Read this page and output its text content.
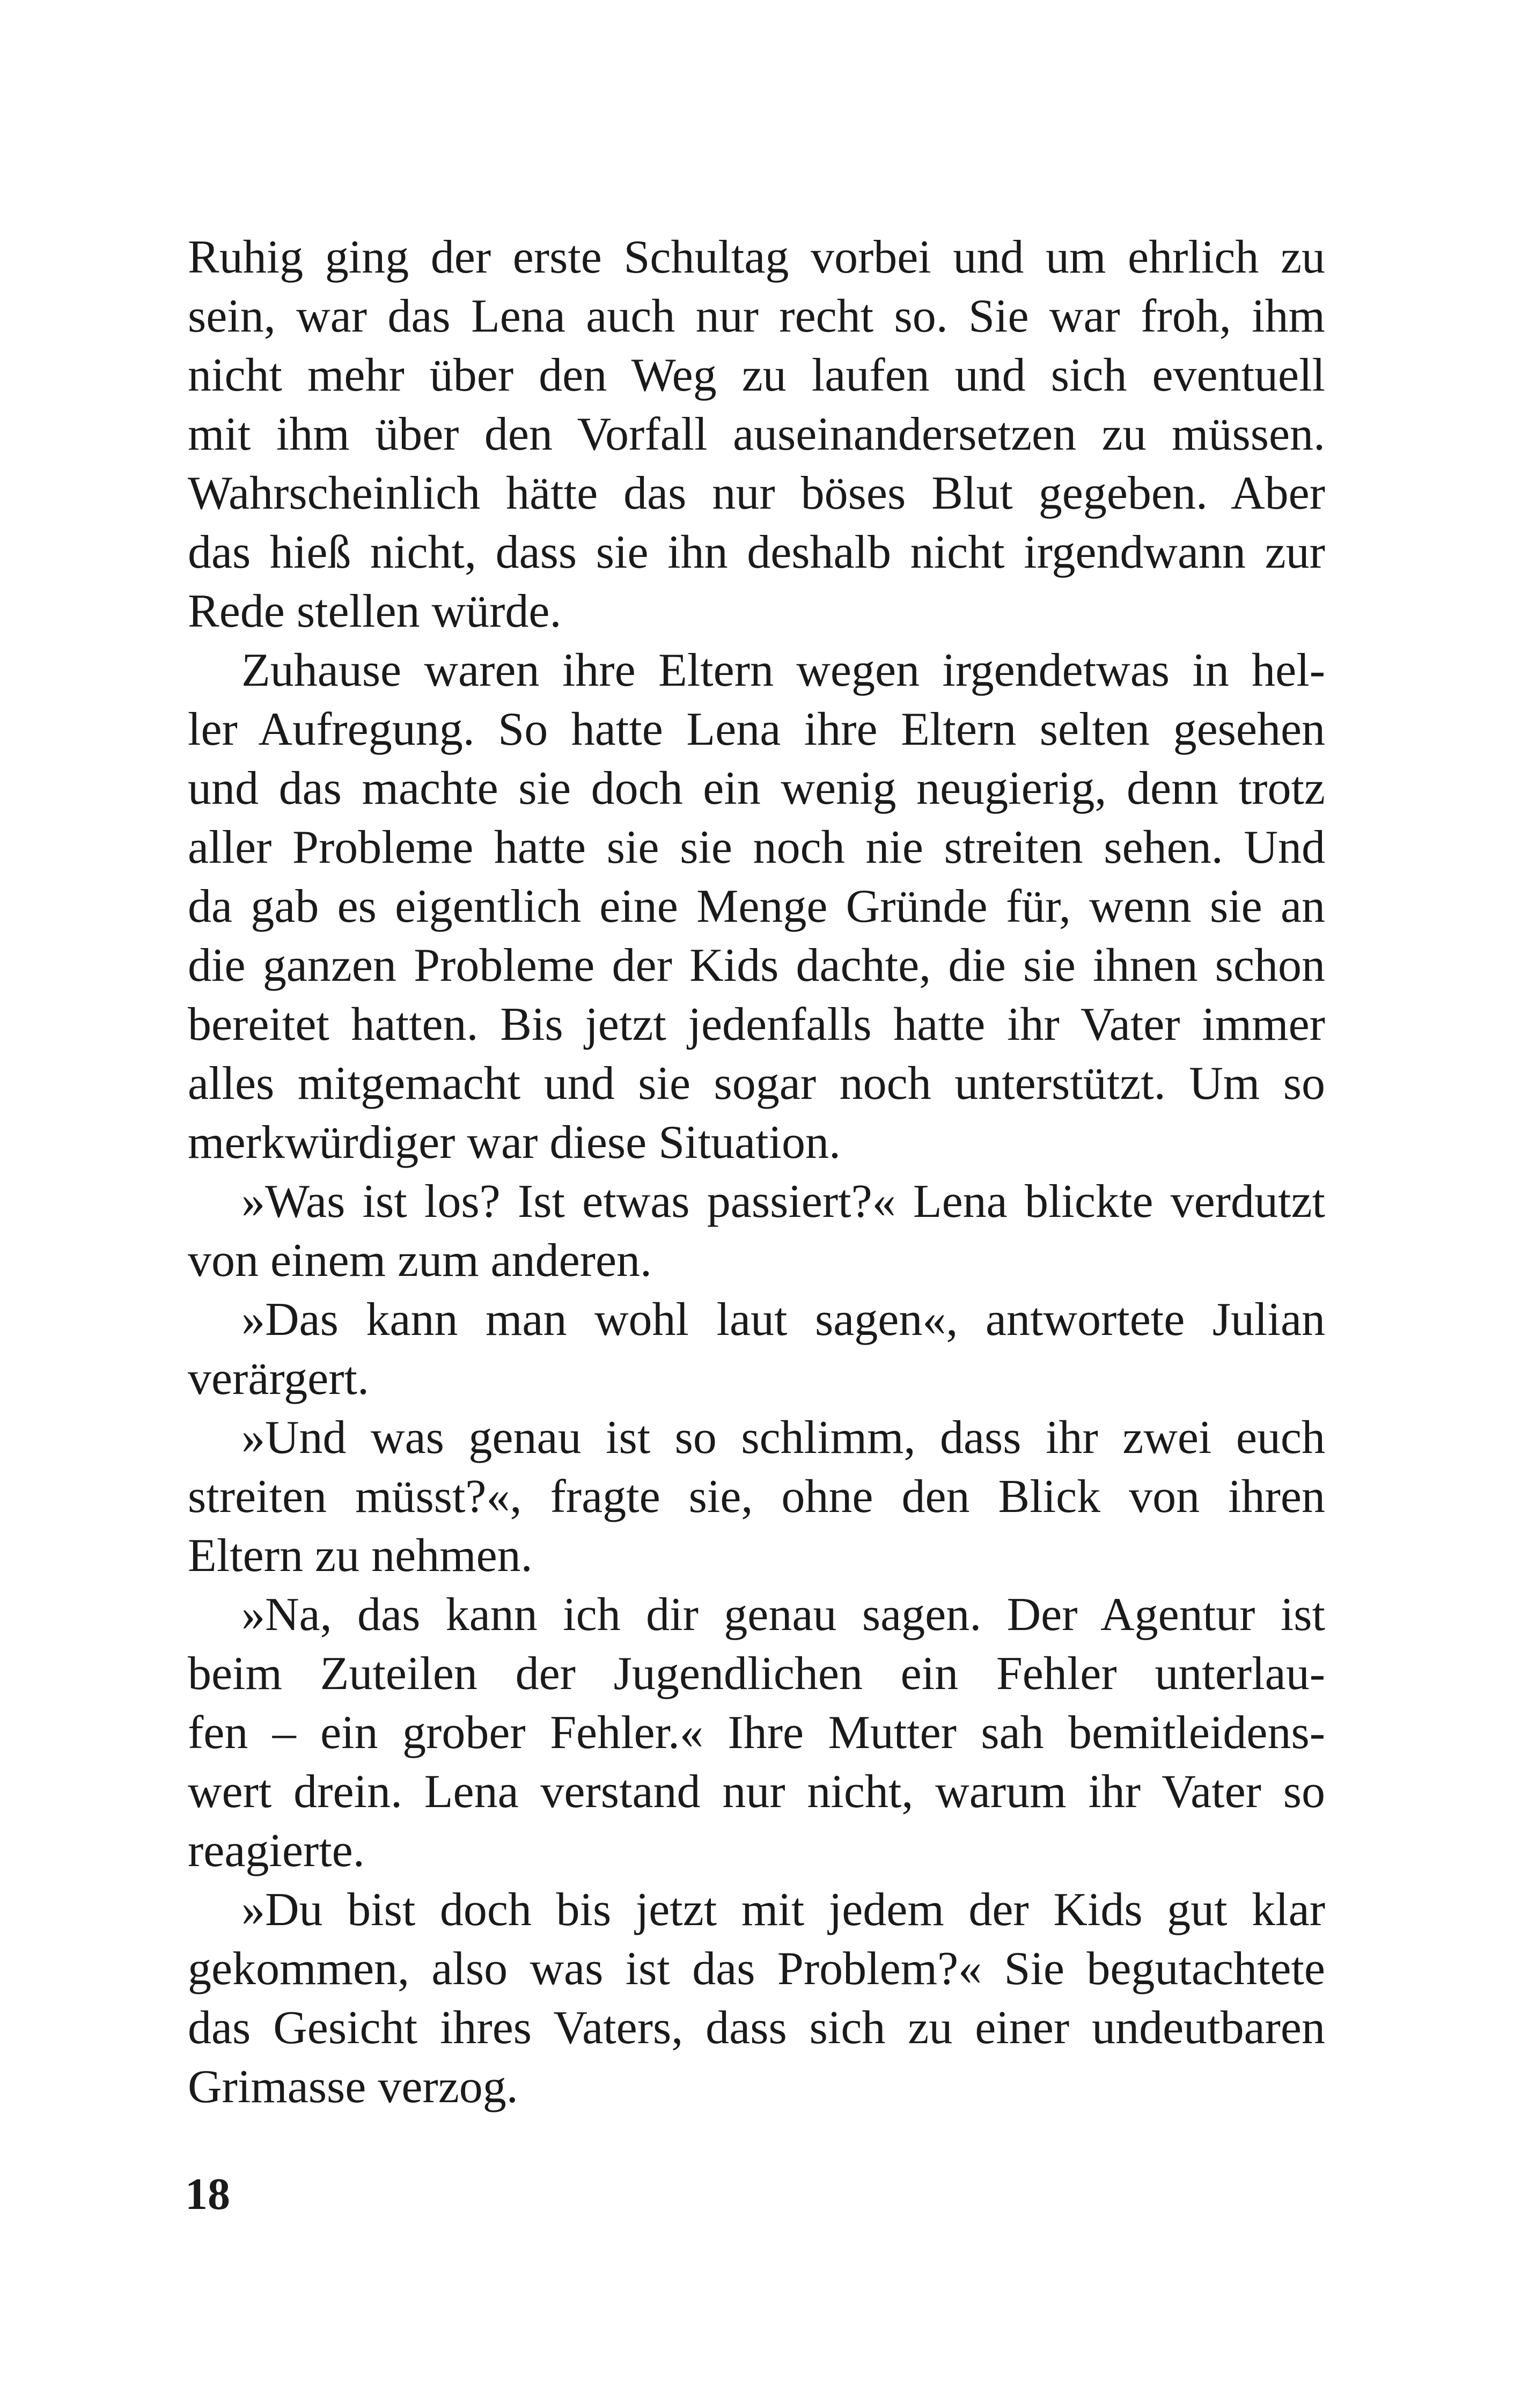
Ruhig ging der erste Schultag vorbei und um ehrlich zu
sein, war das Lena auch nur recht so. Sie war froh, ihm
nicht mehr über den Weg zu laufen und sich eventuell
mit ihm über den Vorfall auseinandersetzen zu müssen.
Wahrscheinlich hätte das nur böses Blut gegeben. Aber
das hieß nicht, dass sie ihn deshalb nicht irgendwann zur
Rede stellen würde.
Zuhause waren ihre Eltern wegen irgendetwas in hel-
ler Aufregung. So hatte Lena ihre Eltern selten gesehen
und das machte sie doch ein wenig neugierig, denn trotz
aller Probleme hatte sie sie noch nie streiten sehen. Und
da gab es eigentlich eine Menge Gründe für, wenn sie an
die ganzen Probleme der Kids dachte, die sie ihnen schon
bereitet hatten. Bis jetzt jedenfalls hatte ihr Vater immer
alles mitgemacht und sie sogar noch unterstützt. Um so
merkwürdiger war diese Situation.
»Was ist los? Ist etwas passiert?« Lena blickte verdutzt
von einem zum anderen.
»Das kann man wohl laut sagen«, antwortete Julian
verärgert.
»Und was genau ist so schlimm, dass ihr zwei euch
streiten müsst?«, fragte sie, ohne den Blick von ihren
Eltern zu nehmen.
»Na, das kann ich dir genau sagen. Der Agentur ist
beim Zuteilen der Jugendlichen ein Fehler unterlau-
fen – ein grober Fehler.« Ihre Mutter sah bemitleidens-
wert drein. Lena verstand nur nicht, warum ihr Vater so
reagierte.
»Du bist doch bis jetzt mit jedem der Kids gut klar
gekommen, also was ist das Problem?« Sie begutachtete
das Gesicht ihres Vaters, dass sich zu einer undeutbaren
Grimasse verzog.
18
